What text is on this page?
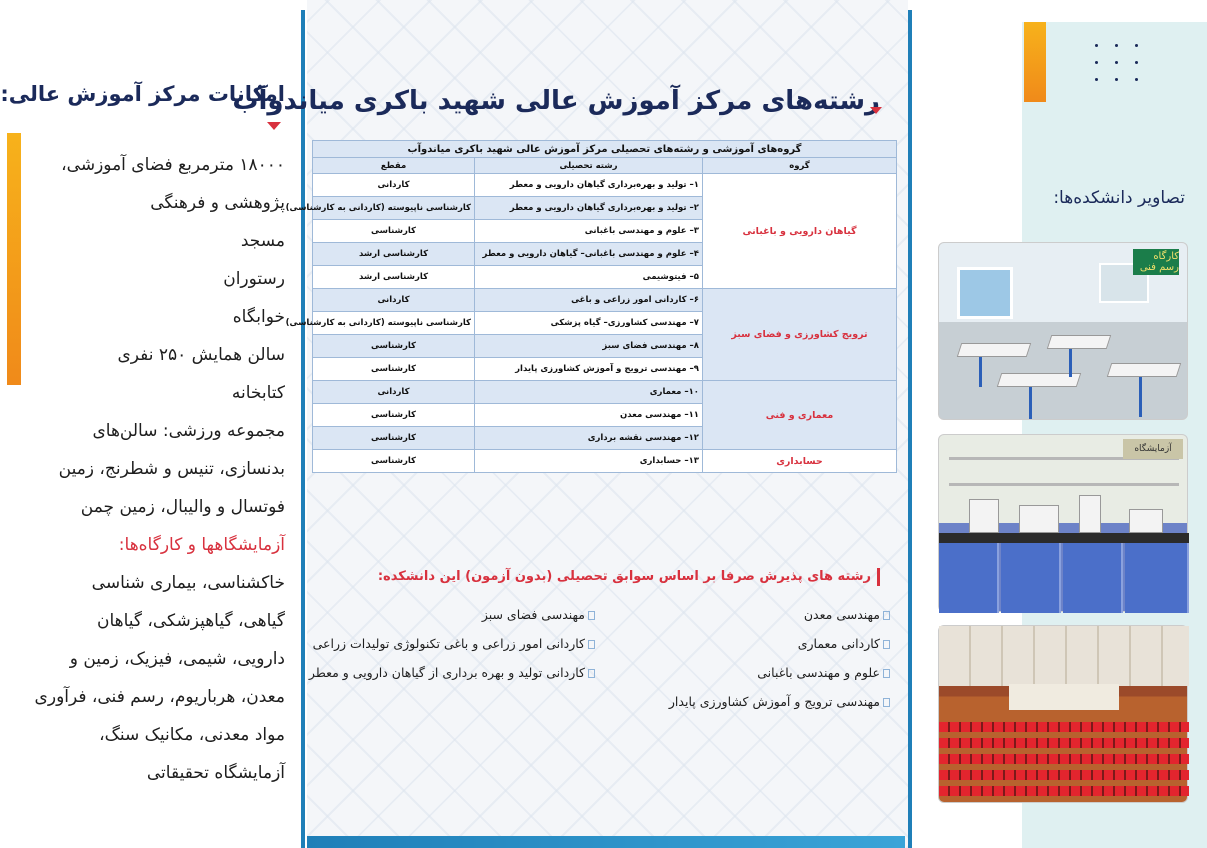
امکانات مرکز آموزش عالی:
۱۸۰۰۰ مترمربع فضای آموزشی،
پژوهشی و فرهنگی
مسجد
رستوران
خوابگاه
سالن همایش ۲۵۰ نفری
کتابخانه
مجموعه ورزشی: سالن‌های
بدنسازی، تنیس و شطرنج، زمین
فوتسال و والیبال، زمین چمن
آزمایشگاهها و کارگاه‌ها:
خاکشناسی، بیماری شناسی
گیاهی، گیاهپزشکی، گیاهان
دارویی، شیمی، فیزیک، زمین و
معدن، هرباریوم، رسم فنی، فرآوری
مواد معدنی، مکانیک سنگ،
آزمایشگاه تحقیقاتی
رشته‌های مرکز آموزش عالی شهید باکری میاندوآب
گروه‌های آموزشی و رشته‌های تحصیلی مرکز آموزش عالی شهید باکری میاندوآب
گروه	رشته تحصیلی	مقطع
گیاهان دارویی و باغبانی	۱– تولید و بهره‌برداری گیاهان دارویی و معطر	کاردانی
	۲– تولید و بهره‌برداری گیاهان دارویی و معطر	کارشناسی ناپیوسته (کاردانی به کارشناسی)
	۳– علوم و مهندسی باغبانی	کارشناسی
	۴– علوم و مهندسی باغبانی– گیاهان دارویی و معطر	کارشناسی ارشد
	۵– فیتوشیمی	کارشناسی ارشد
ترویج کشاورزی و فضای سبز	۶– کاردانی امور زراعی و باغی	کاردانی
	۷– مهندسی کشاورزی– گیاه پزشکی	کارشناسی ناپیوسته (کاردانی به کارشناسی)
	۸– مهندسی فضای سبز	کارشناسی
	۹– مهندسی ترویج و آموزش کشاورزی پایدار	کارشناسی
معماری و فنی	۱۰– معماری	کاردانی
	۱۱– مهندسی معدن	کارشناسی
	۱۲– مهندسی نقشه برداری	کارشناسی
حسابداری	۱۳– حسابداری	کارشناسی
رشته های پذیرش صرفا بر اساس سوابق تحصیلی (بدون آزمون) این دانشکده:
مهندسی معدن
کاردانی معماری
علوم و مهندسی باغبانی
مهندسی ترویج و آموزش کشاورزی پایدار
مهندسی فضای سبز
کاردانی امور زراعی و باغی تکنولوژی تولیدات زراعی
کاردانی تولید و بهره برداری از گیاهان دارویی و معطر
تصاویر دانشکده‌ها:
کارگاه رسم فنی
آزمایشگاه
